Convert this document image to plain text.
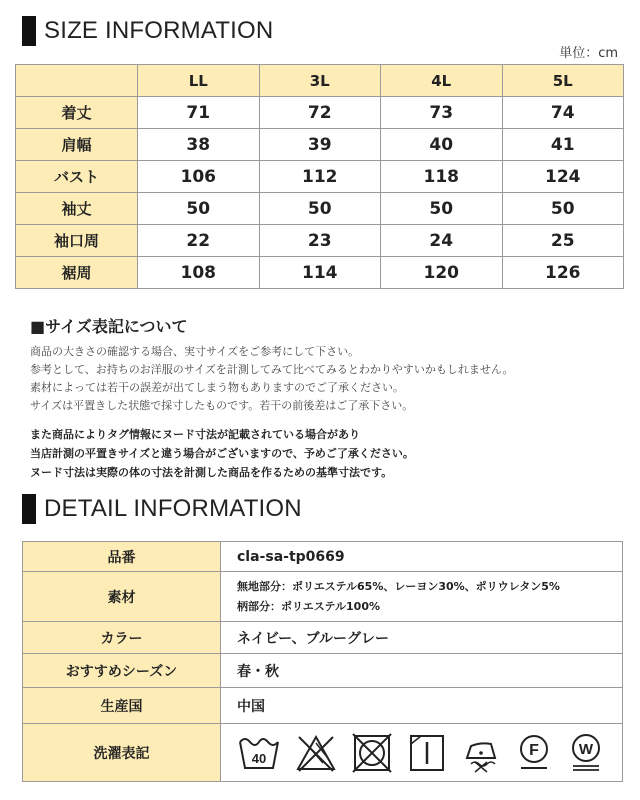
SIZE INFORMATION
単位：cm
	LL	3L	4L	5L
着丈	71	72	73	74
肩幅	38	39	40	41
バスト	106	112	118	124
袖丈	50	50	50	50
袖口周	22	23	24	25
裾周	108	114	120	126
■サイズ表記について
商品の大きさの確認する場合、実寸サイズをご参考にして下さい。
参考として、お持ちのお洋服のサイズを計測してみて比べてみるとわかりやすいかもしれません。
素材によっては若干の誤差が出てしまう物もありますのでご了承ください。
サイズは平置きした状態で採寸したものです。若干の前後差はご了承下さい。
また商品によりタグ情報にヌード寸法が記載されている場合があり
当店計測の平置きサイズと違う場合がございますので、予めご了承ください。
ヌード寸法は実際の体の寸法を計測した商品を作るための基準寸法です。
DETAIL INFORMATION
品番	cla-sa-tp0669
素材	無地部分：ポリエステル65%、レーヨン30%、ポリウレタン5%
柄部分：ポリエステル100%

カラー	ネイビー、ブルーグレー
おすすめシーズン	春・秋
生産国	中国
洗濯表記	40 F W
